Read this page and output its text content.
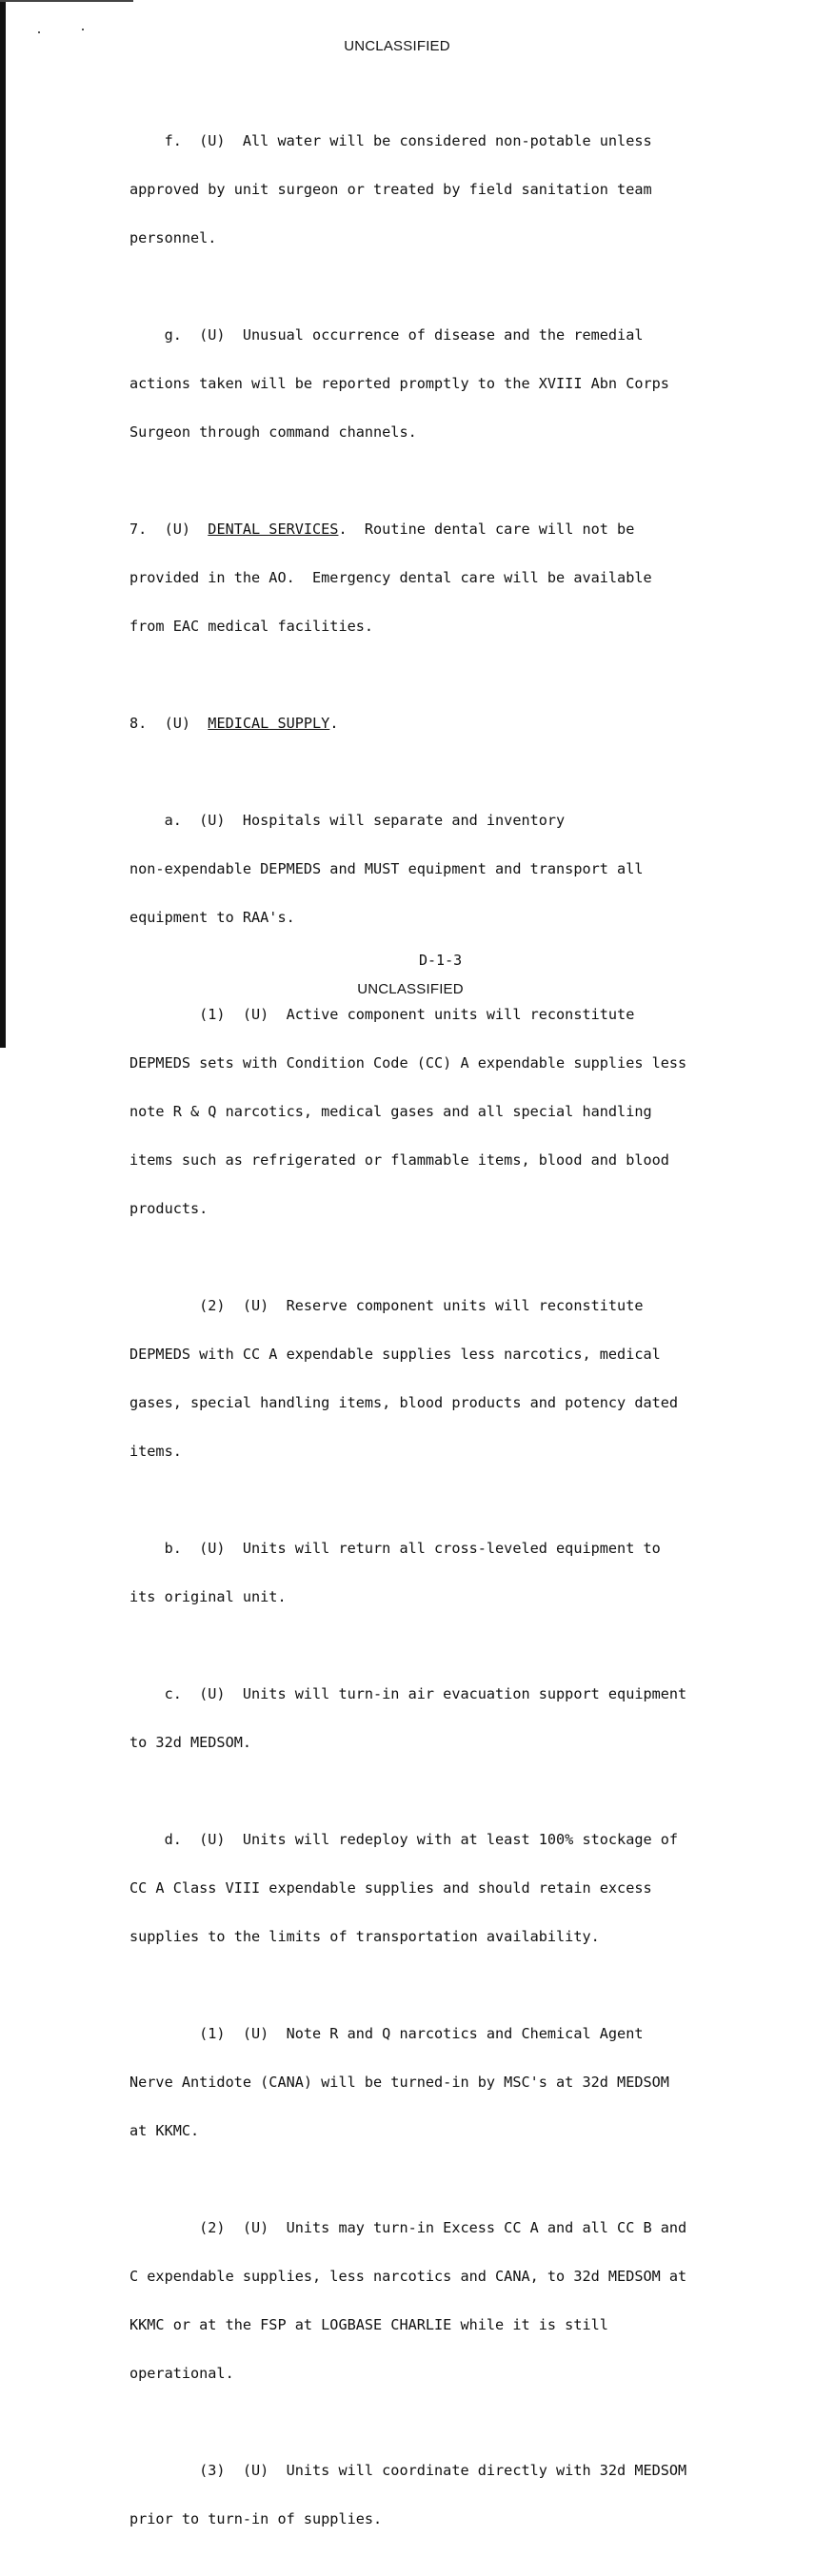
UNCLASSIFIED

f.  (U)  All water will be considered non-potable unless

approved by unit surgeon or treated by field sanitation team

personnel.

g.  (U)  Unusual occurrence of disease and the remedial

actions taken will be reported promptly to the XVIII Abn Corps

Surgeon through command channels.

7.  (U)  DENTAL SERVICES.  Routine dental care will not be

provided in the AO.  Emergency dental care will be available

from EAC medical facilities.

8.  (U)  MEDICAL SUPPLY.

a.  (U)  Hospitals will separate and inventory

non-expendable DEPMEDS and MUST equipment and transport all

equipment to RAA's.

(1)  (U)  Active component units will reconstitute

DEPMEDS sets with Condition Code (CC) A expendable supplies less

note R & Q narcotics, medical gases and all special handling

items such as refrigerated or flammable items, blood and blood

products.

(2)  (U)  Reserve component units will reconstitute

DEPMEDS with CC A expendable supplies less narcotics, medical

gases, special handling items, blood products and potency dated

items.

b.  (U)  Units will return all cross-leveled equipment to

its original unit.

c.  (U)  Units will turn-in air evacuation support equipment

to 32d MEDSOM.

d.  (U)  Units will redeploy with at least 100% stockage of

CC A Class VIII expendable supplies and should retain excess

supplies to the limits of transportation availability.

(1)  (U)  Note R and Q narcotics and Chemical Agent

Nerve Antidote (CANA) will be turned-in by MSC's at 32d MEDSOM

at KKMC.

(2)  (U)  Units may turn-in Excess CC A and all CC B and

C expendable supplies, less narcotics and CANA, to 32d MEDSOM at

KKMC or at the FSP at LOGBASE CHARLIE while it is still

operational.

(3)  (U)  Units will coordinate directly with 32d MEDSOM

prior to turn-in of supplies.

D-1-3
UNCLASSIFIED
